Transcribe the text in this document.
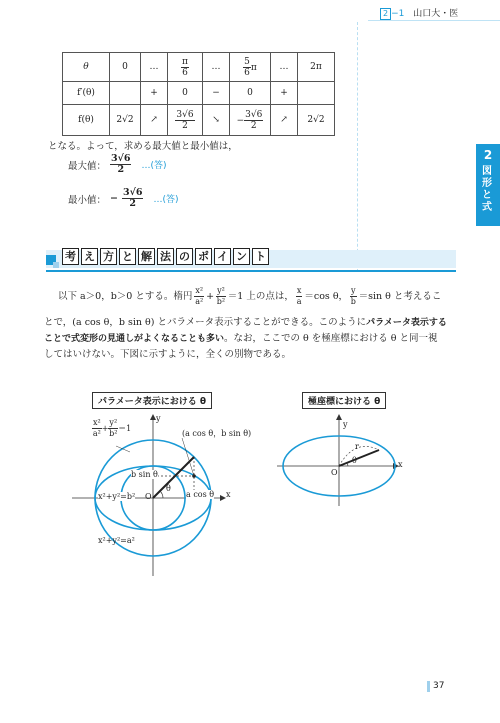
2 −1 山口大・医
θ	0	…	$\frac{\pi}{6}$	…	$\frac{5}{6}$ π	…	2π
f′(θ)		+	0	−	0	+	
f(θ)	2√2	↗	$\frac{3√6}{2}$	↘	− $\frac{3√6}{2}$	↗	2√2
となる。よって，求める最大値と最小値は，
最大値： $\frac{3√6}{2}$ …(答)
最小値： − $\frac{3√6}{2}$ …(答)
2
図形と式
考 え 方 と 解 法 の ポ イ ン ト
以下 a＞0，b＞0 とする。楕円 $\frac{\text{x²}}{\text{a²}} + \frac{\text{y²}}{\text{b²}} =1$ 上の点は， $\frac{x}{a} =\cos$ θ， $\frac{y}{b} =\sin$ θ と考えるこ
とで，(a cos θ，b sin θ) とパラメータ表示することができる。このようにパラメータ表示する
ことで式変形の見通しがよくなることも多い。なお，ここでの θ を極座標における θ と同一視
してはいけない。下図に示すように，全くの別物である。
パラメータ表示における θ
$\frac{\text{x²}}{\text{a²}} + \frac{\text{y²}}{\text{b²}} =1$
(a cos θ，b sin θ)
b sin θ
a cos θ
x²+y²=b²
x²+y²=a²
y
x
O
θ
極座標における θ
y
x
O
θ
r
37
